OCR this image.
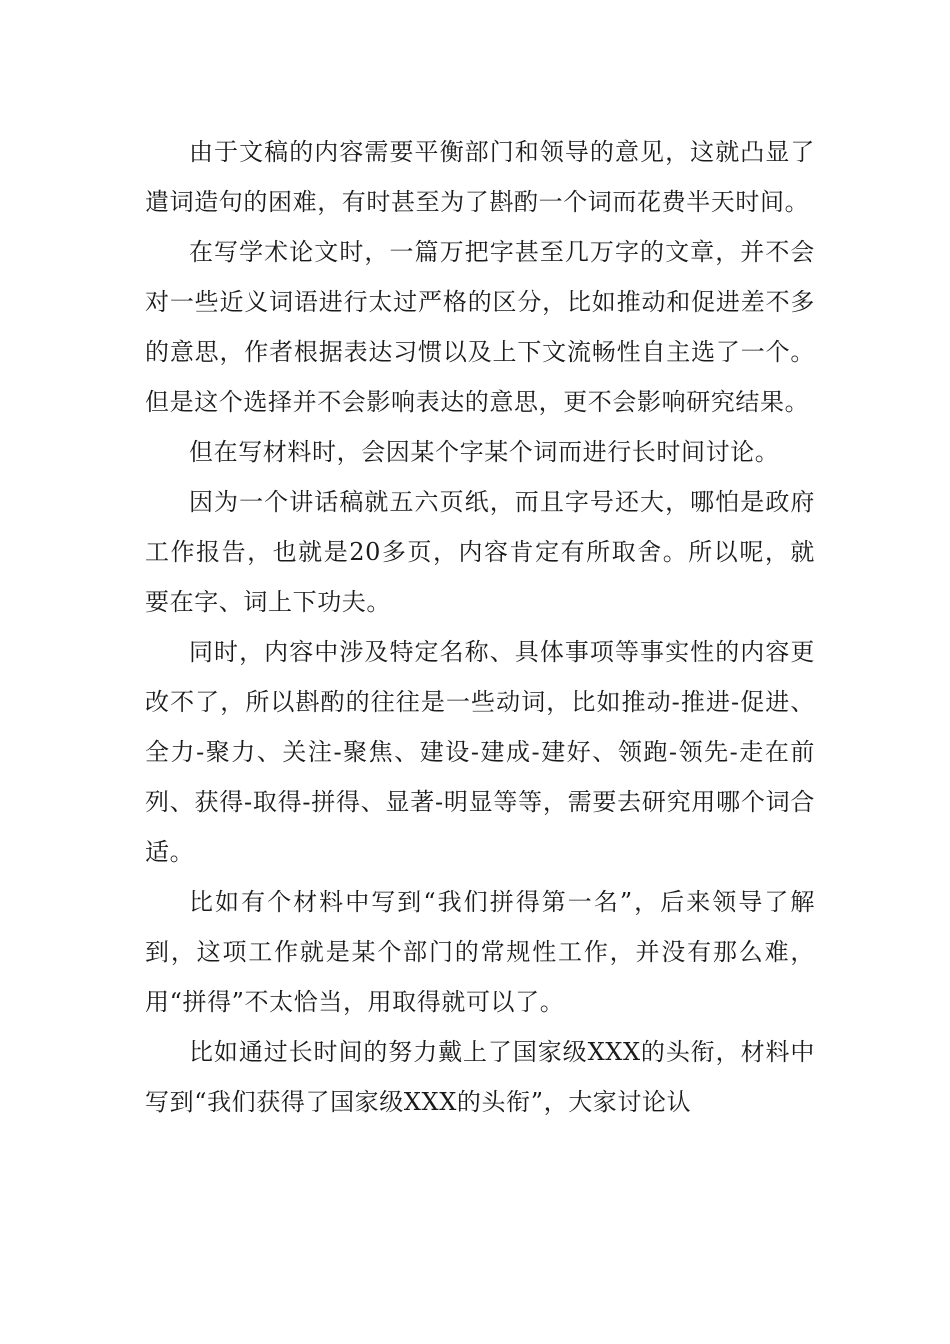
由于文稿的内容需要平衡部门和领导的意见，这就凸显了遣词造句的困难，有时甚至为了斟酌一个词而花费半天时间。

在写学术论文时，一篇万把字甚至几万字的文章，并不会对一些近义词语进行太过严格的区分，比如推动和促进差不多的意思，作者根据表达习惯以及上下文流畅性自主选了一个。但是这个选择并不会影响表达的意思，更不会影响研究结果。

但在写材料时，会因某个字某个词而进行长时间讨论。

因为一个讲话稿就五六页纸，而且字号还大，哪怕是政府工作报告，也就是20多页，内容肯定有所取舍。所以呢，就要在字、词上下功夫。

同时，内容中涉及特定名称、具体事项等事实性的内容更改不了，所以斟酌的往往是一些动词，比如推动-推进-促进、全力-聚力、关注-聚焦、建设-建成-建好、领跑-领先-走在前列、获得-取得-拼得、显著-明显等等，需要去研究用哪个词合适。

比如有个材料中写到“我们拼得第一名”，后来领导了解到，这项工作就是某个部门的常规性工作，并没有那么难，用“拼得”不太恰当，用取得就可以了。

比如通过长时间的努力戴上了国家级XXX的头衔，材料中写到“我们获得了国家级XXX的头衔”，大家讨论认
